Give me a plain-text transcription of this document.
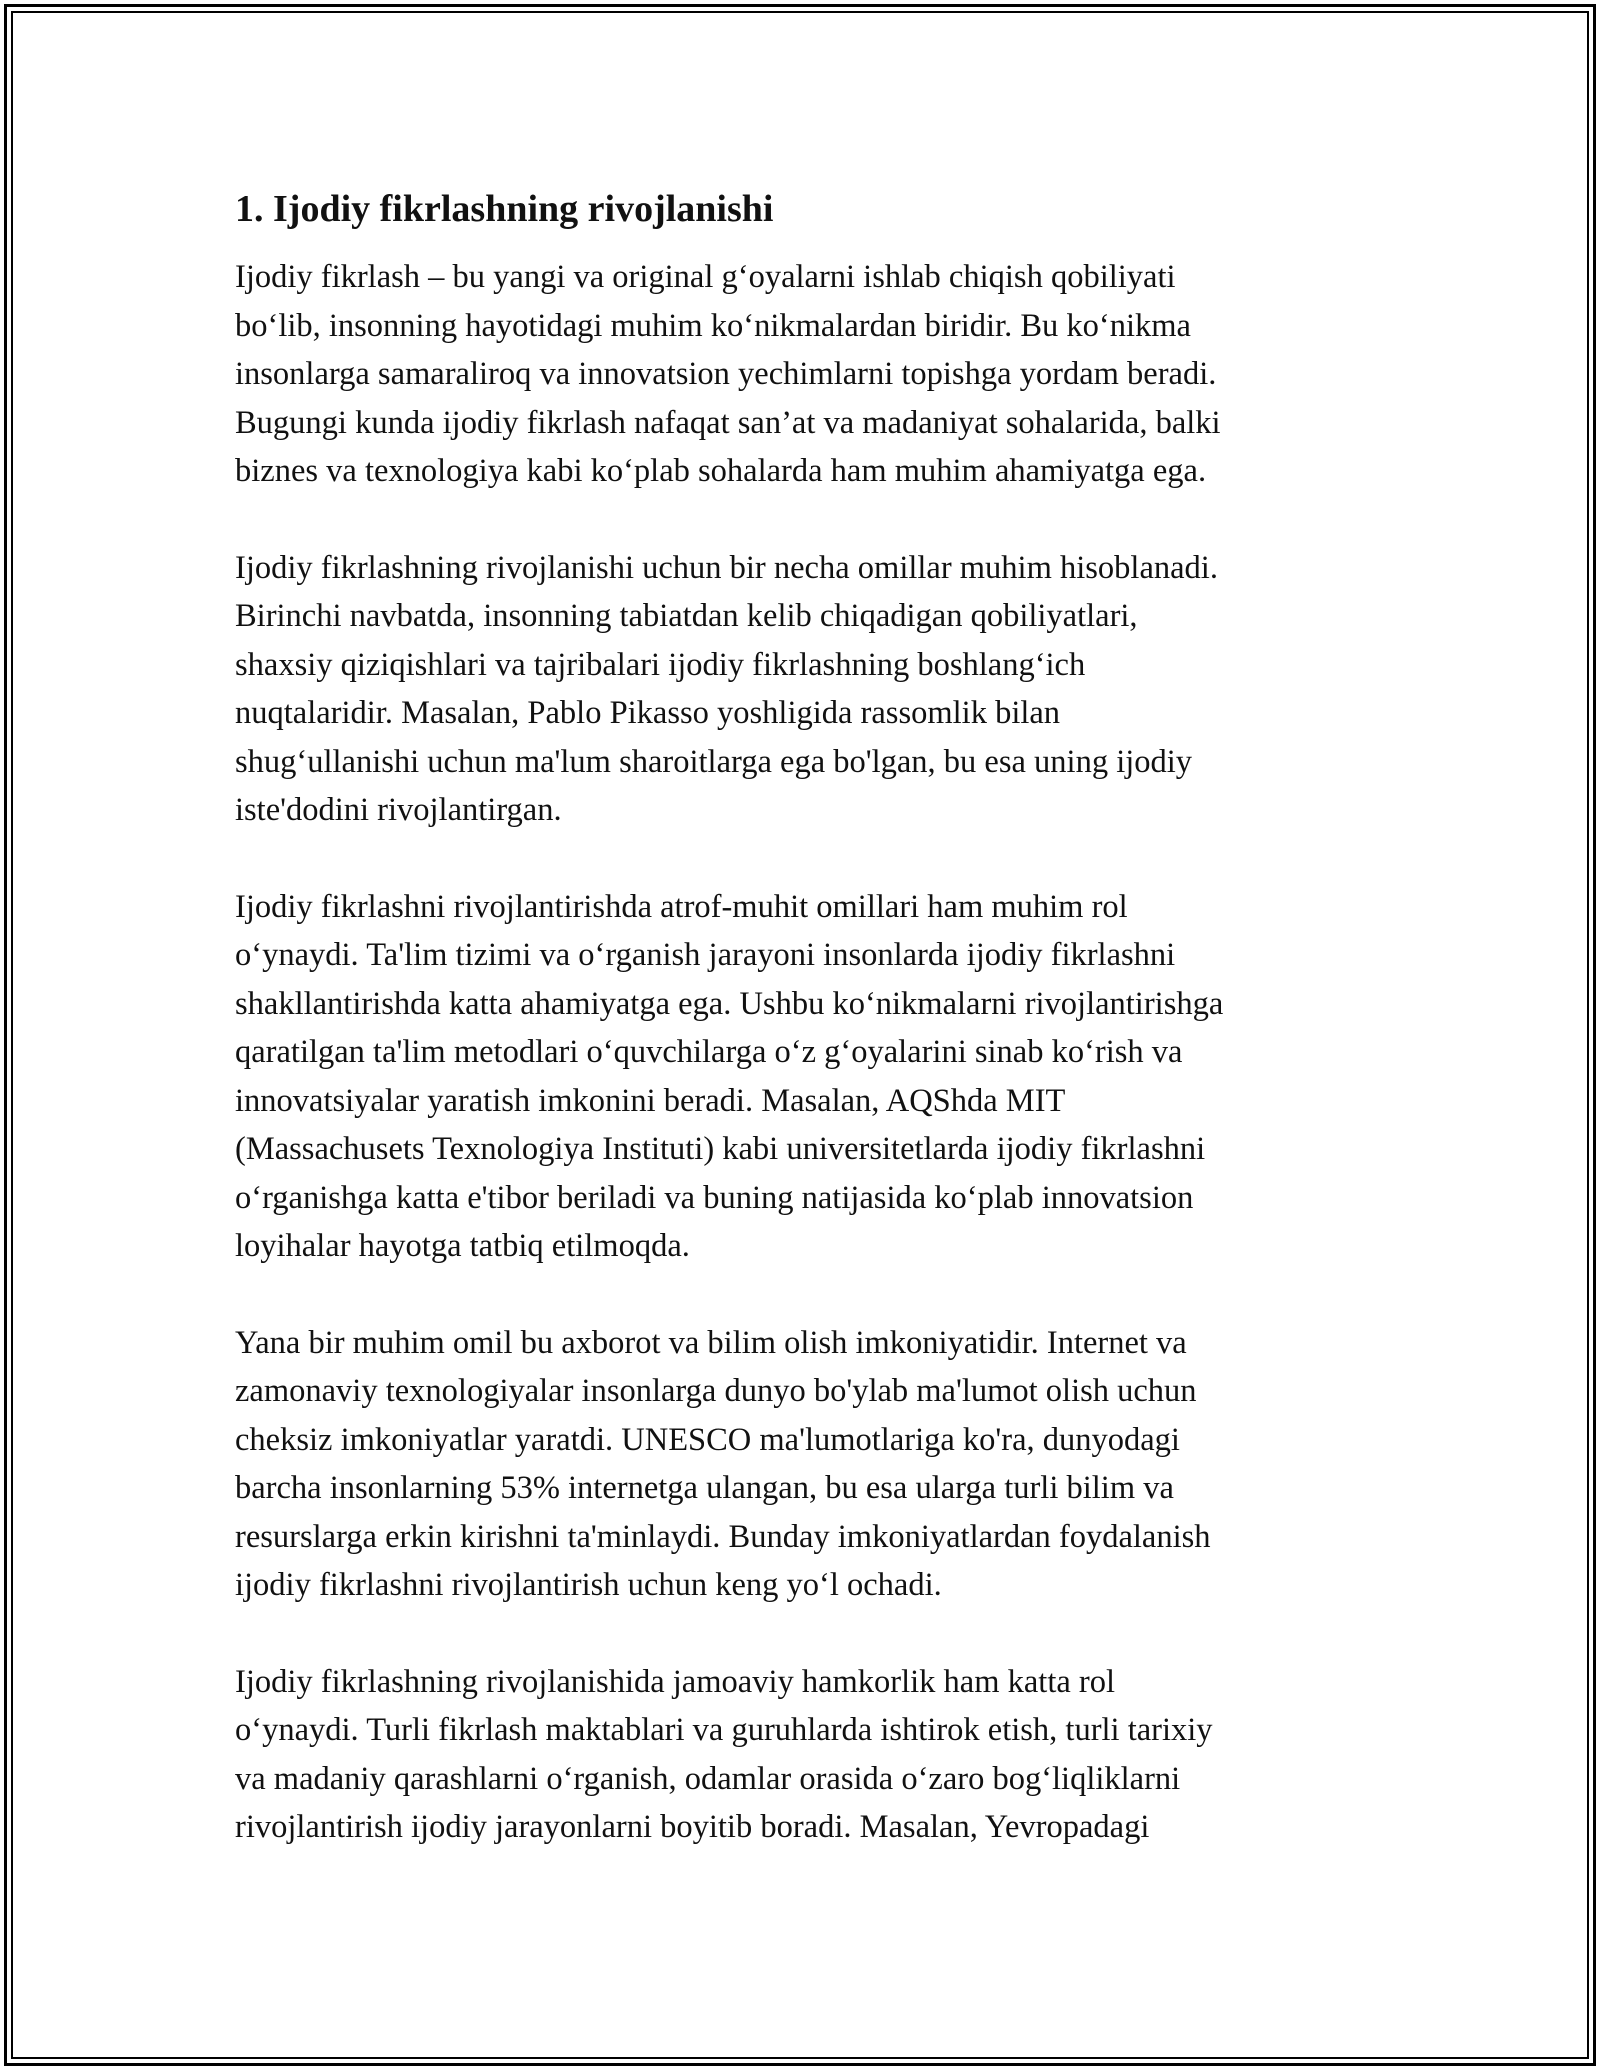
1. Ijodiy fikrlashning rivojlanishi

Ijodiy fikrlash – bu yangi va original g‘oyalarni ishlab chiqish qobiliyati
bo‘lib, insonning hayotidagi muhim ko‘nikmalardan biridir. Bu ko‘nikma
insonlarga samaraliroq va innovatsion yechimlarni topishga yordam beradi.
Bugungi kunda ijodiy fikrlash nafaqat san’at va madaniyat sohalarida, balki
biznes va texnologiya kabi ko‘plab sohalarda ham muhim ahamiyatga ega.

Ijodiy fikrlashning rivojlanishi uchun bir necha omillar muhim hisoblanadi.
Birinchi navbatda, insonning tabiatdan kelib chiqadigan qobiliyatlari,
shaxsiy qiziqishlari va tajribalari ijodiy fikrlashning boshlang‘ich
nuqtalaridir. Masalan, Pablo Pikasso yoshligida rassomlik bilan
shug‘ullanishi uchun ma'lum sharoitlarga ega bo'lgan, bu esa uning ijodiy
iste'dodini rivojlantirgan.

Ijodiy fikrlashni rivojlantirishda atrof-muhit omillari ham muhim rol
o‘ynaydi. Ta'lim tizimi va o‘rganish jarayoni insonlarda ijodiy fikrlashni
shakllantirishda katta ahamiyatga ega. Ushbu ko‘nikmalarni rivojlantirishga
qaratilgan ta'lim metodlari o‘quvchilarga o‘z g‘oyalarini sinab ko‘rish va
innovatsiyalar yaratish imkonini beradi. Masalan, AQShda MIT
(Massachusets Texnologiya Instituti) kabi universitetlarda ijodiy fikrlashni
o‘rganishga katta e'tibor beriladi va buning natijasida ko‘plab innovatsion
loyihalar hayotga tatbiq etilmoqda.

Yana bir muhim omil bu axborot va bilim olish imkoniyatidir. Internet va
zamonaviy texnologiyalar insonlarga dunyo bo'ylab ma'lumot olish uchun
cheksiz imkoniyatlar yaratdi. UNESCO ma'lumotlariga ko'ra, dunyodagi
barcha insonlarning 53% internetga ulangan, bu esa ularga turli bilim va
resurslarga erkin kirishni ta'minlaydi. Bunday imkoniyatlardan foydalanish
ijodiy fikrlashni rivojlantirish uchun keng yo‘l ochadi.

Ijodiy fikrlashning rivojlanishida jamoaviy hamkorlik ham katta rol
o‘ynaydi. Turli fikrlash maktablari va guruhlarda ishtirok etish, turli tarixiy
va madaniy qarashlarni o‘rganish, odamlar orasida o‘zaro bog‘liqliklarni
rivojlantirish ijodiy jarayonlarni boyitib boradi. Masalan, Yevropadagi
